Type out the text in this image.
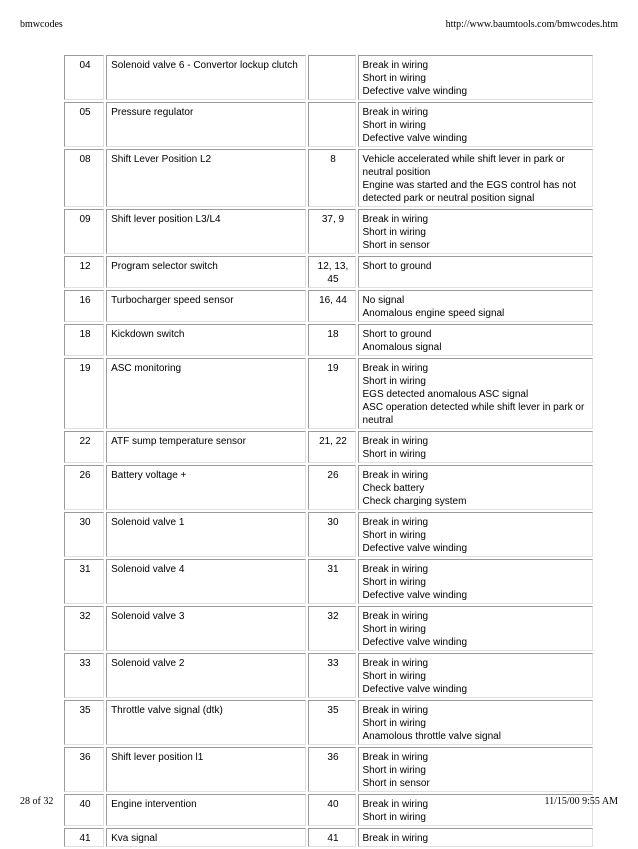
bmwcodes	http://www.baumtools.com/bmwcodes.htm
04	Solenoid valve 6 - Convertor lockup clutch		Break in wiring
Short in wiring
Defective valve winding

05	Pressure regulator		Break in wiring
Short in wiring
Defective valve winding

08	Shift Lever Position L2	8	Vehicle accelerated while shift lever in park or neutral position
Engine was started and the EGS control has not detected park or neutral position signal

09	Shift lever position L3/L4	37, 9	Break in wiring
Short in wiring
Short in sensor

12	Program selector switch	12, 13, 45	Short to ground

16	Turbocharger speed sensor	16, 44	No signal
Anomalous engine speed signal

18	Kickdown switch	18	Short to ground
Anomalous signal

19	ASC monitoring	19	Break in wiring
Short in wiring
EGS detected anomalous ASC signal
ASC operation detected while shift lever in park or neutral

22	ATF sump temperature sensor	21, 22	Break in wiring
Short in wiring

26	Battery voltage +	26	Break in wiring
Check battery
Check charging system

30	Solenoid valve 1	30	Break in wiring
Short in wiring
Defective valve winding

31	Solenoid valve 4	31	Break in wiring
Short in wiring
Defective valve winding

32	Solenoid valve 3	32	Break in wiring
Short in wiring
Defective valve winding

33	Solenoid valve 2	33	Break in wiring
Short in wiring
Defective valve winding

35	Throttle valve signal (dtk)	35	Break in wiring
Short in wiring
Anamolous throttle valve signal

36	Shift lever position l1	36	Break in wiring
Short in wiring
Short in sensor

40	Engine intervention	40	Break in wiring
Short in wiring

41	Kva signal	41	Break in wiring
28 of 32	11/15/00 9:55 AM
